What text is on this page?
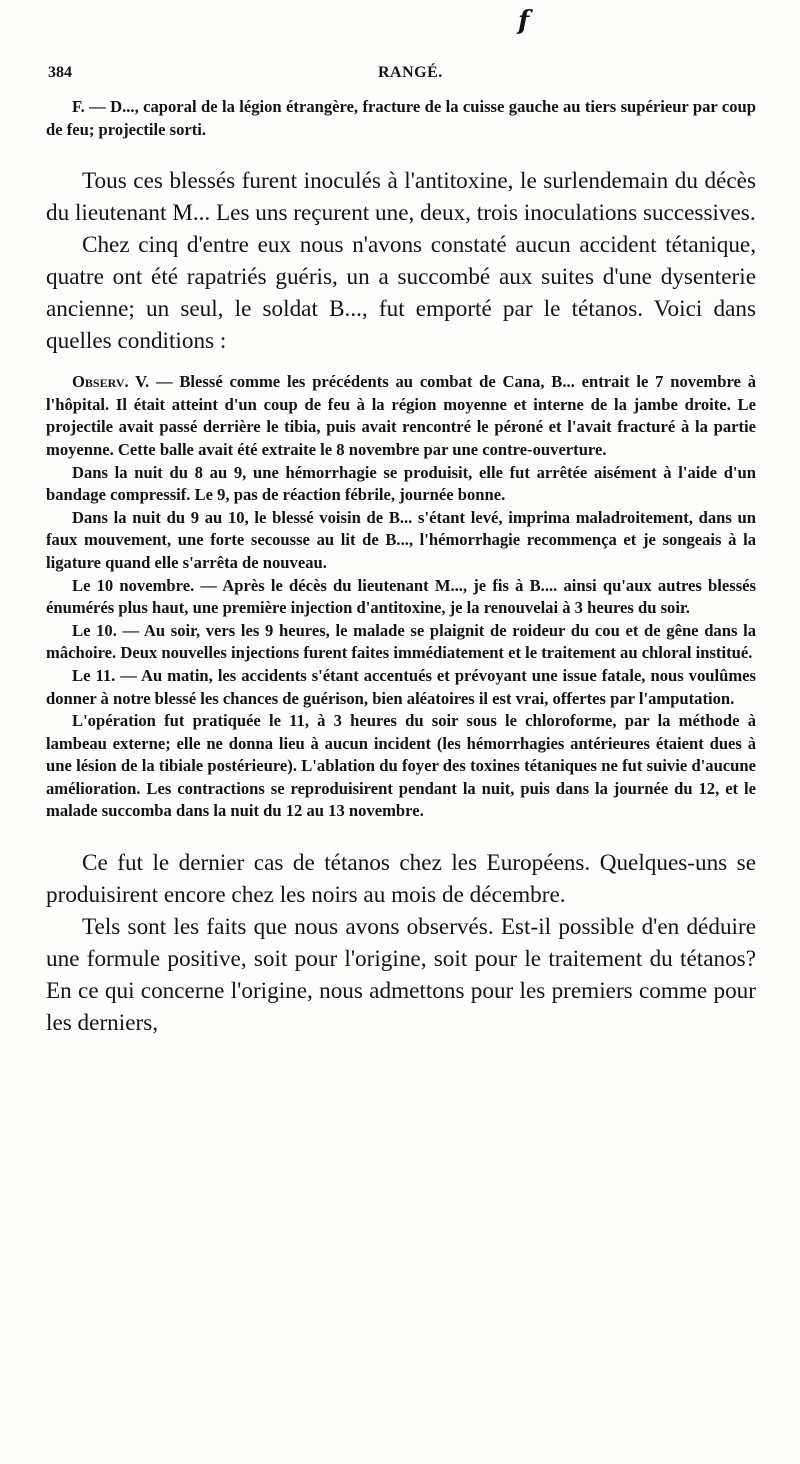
f
384	RANGÉ.

F. — D..., caporal de la légion étrangère, fracture de la cuisse gauche au tiers supérieur par coup de feu; projectile sorti.

Tous ces blessés furent inoculés à l'antitoxine, le surlendemain du décès du lieutenant M... Les uns reçurent une, deux, trois inoculations successives.

Chez cinq d'entre eux nous n'avons constaté aucun accident tétanique, quatre ont été rapatriés guéris, un a succombé aux suites d'une dysenterie ancienne; un seul, le soldat B..., fut emporté par le tétanos. Voici dans quelles conditions :

Observ. V. — Blessé comme les précédents au combat de Cana, B... entrait le 7 novembre à l'hôpital. Il était atteint d'un coup de feu à la région moyenne et interne de la jambe droite. Le projectile avait passé derrière le tibia, puis avait rencontré le péroné et l'avait fracturé à la partie moyenne. Cette balle avait été extraite le 8 novembre par une contre-ouverture.

Dans la nuit du 8 au 9, une hémorrhagie se produisit, elle fut arrêtée aisément à l'aide d'un bandage compressif. Le 9, pas de réaction fébrile, journée bonne.

Dans la nuit du 9 au 10, le blessé voisin de B... s'étant levé, imprima maladroitement, dans un faux mouvement, une forte secousse au lit de B..., l'hémorrhagie recommença et je songeais à la ligature quand elle s'arrêta de nouveau.

Le 10 novembre. — Après le décès du lieutenant M..., je fis à B.... ainsi qu'aux autres blessés énumérés plus haut, une première injection d'antitoxine, je la renouvelai à 3 heures du soir.

Le 10. — Au soir, vers les 9 heures, le malade se plaignit de roideur du cou et de gêne dans la mâchoire. Deux nouvelles injections furent faites immédiatement et le traitement au chloral institué.

Le 11. — Au matin, les accidents s'étant accentués et prévoyant une issue fatale, nous voulûmes donner à notre blessé les chances de guérison, bien aléatoires il est vrai, offertes par l'amputation.

L'opération fut pratiquée le 11, à 3 heures du soir sous le chloroforme, par la méthode à lambeau externe; elle ne donna lieu à aucun incident (les hémorrhagies antérieures étaient dues à une lésion de la tibiale postérieure). L'ablation du foyer des toxines tétaniques ne fut suivie d'aucune amélioration. Les contractions se reproduisirent pendant la nuit, puis dans la journée du 12, et le malade succomba dans la nuit du 12 au 13 novembre.

Ce fut le dernier cas de tétanos chez les Européens. Quelques-uns se produisirent encore chez les noirs au mois de décembre.

Tels sont les faits que nous avons observés. Est-il possible d'en déduire une formule positive, soit pour l'origine, soit pour le traitement du tétanos? En ce qui concerne l'origine, nous admettons pour les premiers comme pour les derniers,
